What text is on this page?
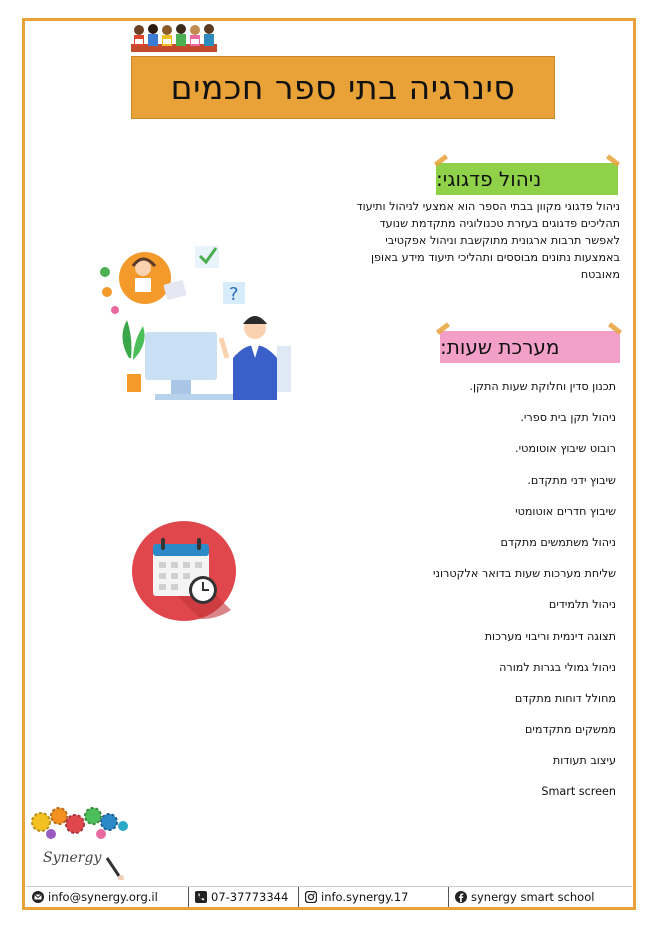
סינרגיה בתי ספר חכמים
ניהול פדגוגי:
ניהול פדגוגי מקוון בבתי הספר הוא אמצעי לניהול ותיעוד
תהליכים פדגוגים בעזרת טכנולוגיה מתקדמת שנועד
לאפשר תרבות ארגונית מתוקשבת וניהול אפקטיבי
באמצעות נתונים מבוססים ותהליכי תיעוד מידע באופן
מאובטח
?
מערכת שעות:
תכנון סדין וחלוקת שעות התקן.
ניהול תקן בית ספרי.
רובוט שיבוץ אוטומטי.
שיבוץ ידני מתקדם.
שיבוץ חדרים אוטומטי
ניהול משתמשים מתקדם
שליחת מערכות שעות בדואר אלקטרוני
ניהול תלמידים
תצוגה דינמית וריבוי מערכות
ניהול גמולי בגרות למורה
מחולל דוחות מתקדם
ממשקים מתקדמים
עיצוב תעודות
Smart screen
Synergy
info@synergy.org.il	07-37773344	info.synergy.17	synergy smart school
